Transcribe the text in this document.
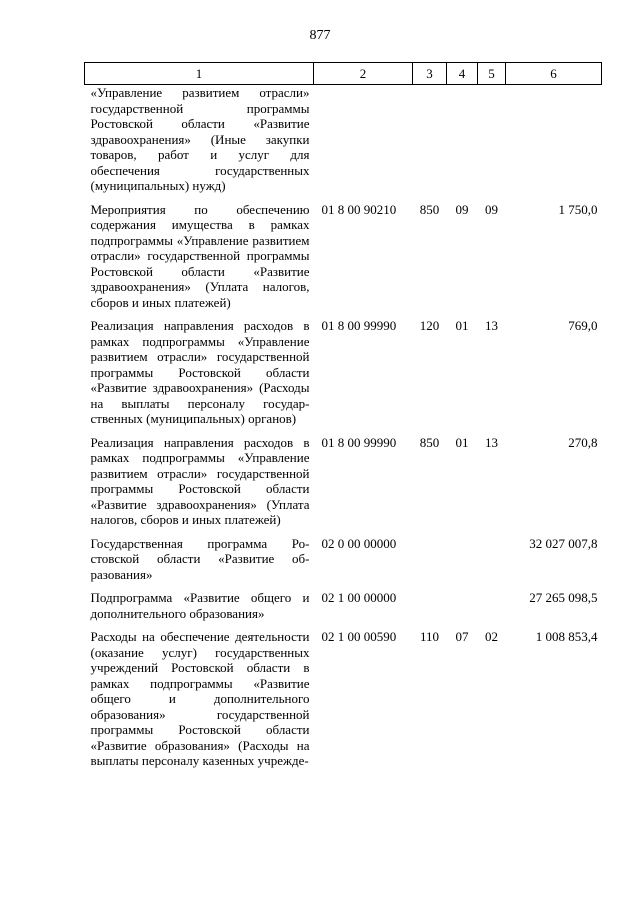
877
1	2	3	4	5	6
«Управление развитием отрасли» государственной программы Ростовской области «Развитие здравоохранения» (Иные закупки товаров, работ и услуг для обеспечения государственных (муниципальных) нужд)					
Мероприятия по обеспечению содержания имущества в рамках подпрограммы «Управление развитием отрасли» государственной программы Ростовской области «Развитие здравоохранения» (Уплата налогов, сборов и иных платежей)	01 8 00 90210	850	09	09	1 750,0
Реализация направления расходов в рамках подпрограммы «Управление развитием отрасли» государственной программы Ростовской области «Развитие здравоохранения» (Расходы на выплаты персоналу государственных (муниципальных) органов)	01 8 00 99990	120	01	13	769,0
Реализация направления расходов в рамках подпрограммы «Управление развитием отрасли» государственной программы Ростовской области «Развитие здравоохранения» (Уплата налогов, сборов и иных платежей)	01 8 00 99990	850	01	13	270,8
Государственная программа Ростовской области «Развитие образования»	02 0 00 00000				32 027 007,8
Подпрограмма «Развитие общего и дополнительного образования»	02 1 00 00000				27 265 098,5
Расходы на обеспечение деятельности (оказание услуг) государственных учреждений Ростовской области в рамках подпрограммы «Развитие общего и дополнительного образования» государственной программы Ростовской области «Развитие образования» (Расходы на выплаты персоналу казенных учрежде-	02 1 00 00590	110	07	02	1 008 853,4
